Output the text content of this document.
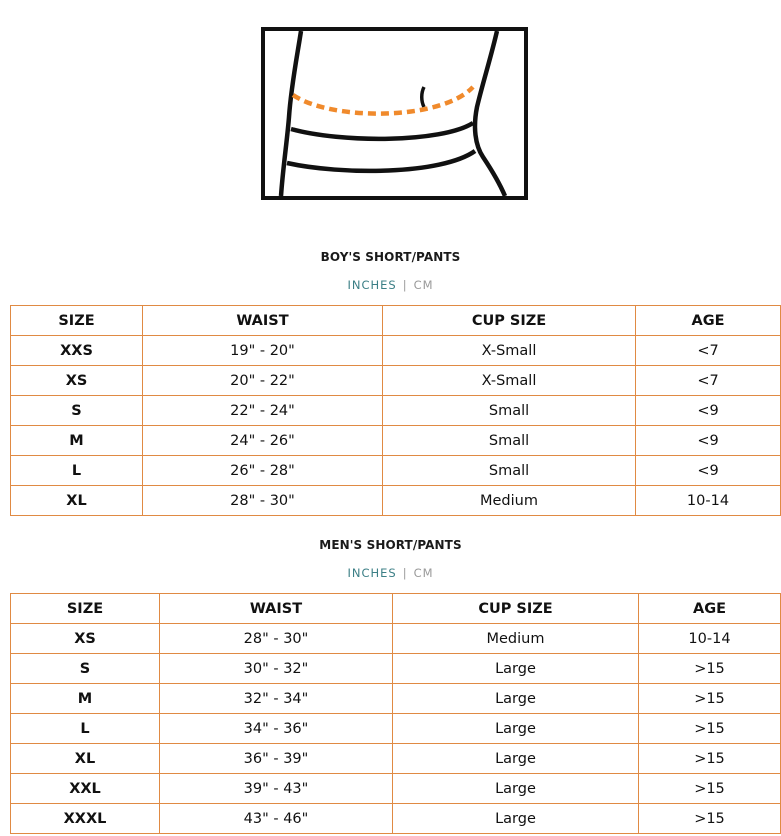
BOY'S SHORT/PANTS
INCHES | CM
SIZE	WAIST	CUP SIZE	AGE
XXS	19" - 20"	X-Small	<7
XS	20" - 22"	X-Small	<7
S	22" - 24"	Small	<9
M	24" - 26"	Small	<9
L	26" - 28"	Small	<9
XL	28" - 30"	Medium	10-14
MEN'S SHORT/PANTS
INCHES | CM
SIZE	WAIST	CUP SIZE	AGE
XS	28" - 30"	Medium	10-14
S	30" - 32"	Large	>15
M	32" - 34"	Large	>15
L	34" - 36"	Large	>15
XL	36" - 39"	Large	>15
XXL	39" - 43"	Large	>15
XXXL	43" - 46"	Large	>15
